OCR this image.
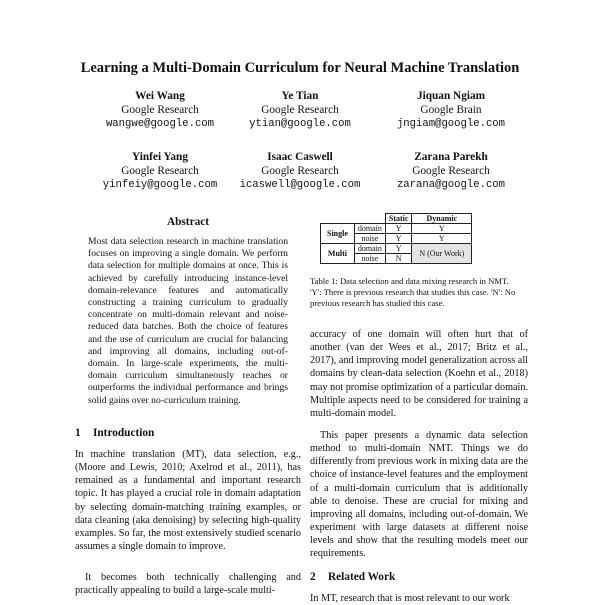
Learning a Multi-Domain Curriculum for Neural Machine Translation
Wei Wang
Google Research
wangwe@google.com
Ye Tian
Google Research
ytian@google.com
Jiquan Ngiam
Google Brain
jngiam@google.com
Yinfei Yang
Google Research
yinfeiy@google.com
Isaac Caswell
Google Research
icaswell@google.com
Zarana Parekh
Google Research
zarana@google.com
Abstract

Most data selection research in machine translation focuses on improving a single domain. We perform data selection for multiple domains at once. This is achieved by carefully introducing instance-level domain-relevance features and automatically constructing a training curriculum to gradually concentrate on multi-domain relevant and noise-reduced data batches. Both the choice of features and the use of curriculum are crucial for balancing and improving all domains, including out-of-domain. In large-scale experiments, the multi-domain curriculum simultaneously reaches or outperforms the individual performance and brings solid gains over no-curriculum training.

1 Introduction

In machine translation (MT), data selection, e.g., (Moore and Lewis, 2010; Axelrod et al., 2011), has remained as a fundamental and important research topic. It has played a crucial role in domain adaptation by selecting domain-matching training examples, or data cleaning (aka denoising) by selecting high-quality examples. So far, the most extensively studied scenario assumes a single domain to improve.

It becomes both technically challenging and practically appealing to build a large-scale multi-

		Static	Dynamic
Single	domain	Y	Y
	noise	Y	Y
Multi	domain	Y	N (Our Work)
	noise	N	

Table 1: Data selection and data mixing research in NMT. 'Y': There is previous research that studies this case. 'N': No previous research has studied this case.

accuracy of one domain will often hurt that of another (van der Wees et al., 2017; Britz et al., 2017), and improving model generalization across all domains by clean-data selection (Koehn et al., 2018) may not promise optimization of a particular domain. Multiple aspects need to be considered for training a multi-domain model.

This paper presents a dynamic data selection method to multi-domain NMT. Things we do differently from previous work in mixing data are the choice of instance-level features and the employment of a multi-domain curriculum that is additionally able to denoise. These are crucial for mixing and improving all domains, including out-of-domain. We experiment with large datasets at different noise levels and show that the resulting models meet our requirements.

2 Related Work

In MT, research that is most relevant to our work
